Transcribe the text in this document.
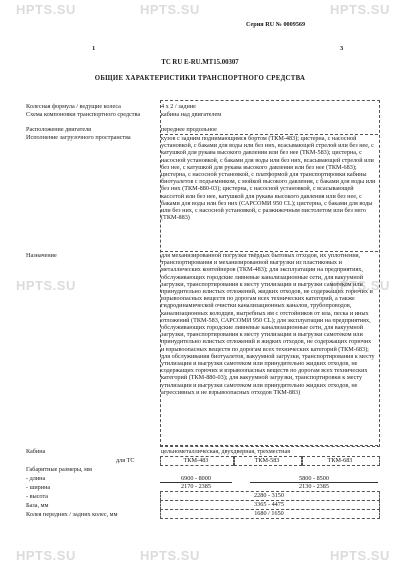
HPTS.SU	HPTS.SU	HPTS.SU
HPTS.SU	HPTS.SU
HPTS.SU	HPTS.SU	HPTS.SU
Серия RU № 0009569
1	3
TC RU E-RU.MT15.00307
ОБЩИЕ ХАРАКТЕРИСТИКИ ТРАНСПОРТНОГО СРЕДСТВА
Колесная формула / ведущие колеса	4 x 2 / задние
Схема компоновки транспортного средства	кабина над двигателем
Расположение двигателя	переднее продольное
Исполнение загрузочного пространства	кузов с задним поднимающимся бортом (ТКМ-483); цистерна, с насосной установкой, с баками для воды или без них, всасывающей стрелой или без нее, с катушкой для рукава высокого давления или без нее (ТКМ-583); цистерна, с насосной установкой, с баками для воды или без них, всасывающей стрелой или без нее, с катушкой для рукава высокого давления или без нее (ТКМ-683); цистерна, с насосной установкой, с платформой для транспортировки кабины биотуалетов с подъемником, с мойкой высокого давления, с баками для воды или без них (ТКМ-880-03); цистерна, с насосной установкой, с всасывающей кассетой или без нее, катушкой для рукава высокого давления или без нее, с баками для воды или без них (САРСОМИ 950 CL); цистерна, с баками для воды или без них, с насосной установкой, с разжижочным пистолетом или без него (ТКМ-883)
Назначение	для механизированной погрузки твёрдых бытовых отходов, их уплотнения, транспортирования и механизированной выгрузки из пластиковых и металлических контейнеров (ТКМ-483); для эксплуатации на предприятиях, обслуживающих городские ливневые канализационные сети, для вакуумной загрузки, транспортирования к месту утилизации и выгрузки самотеком или принудительно илистых отложений, жидких отходов, не содержащих горючих и взрывоопасных веществ по дорогам всех технических категорий, а также гидродинамической очистки канализационных каналов, трубопроводов, канализационных колодцев, выгребных ям с отстойников от ила, песка и иных отложений (ТКМ-583, САРСОМИ 950 CL); для эксплуатации на предприятиях, обслуживающих городские ливневые канализационные сети, для вакуумной загрузки, транспортирования к месту утилизации и выгрузки самотеком или принудительно илистых отложений и жидких отходов, не содержащих горючих и взрывоопасных веществ по дорогам всех технических категорий (ТКМ-683); для обслуживания биотуалетов, вакуумной загрузки, транспортирования к месту утилизации и выгрузки самотеком или принудительно жидких отходов, не содержащих горючих и взрывоопасных веществ по дорогам всех технических категорий (ТКМ-880-03); для вакуумной загрузки, транспортировки к месту утилизации и выгрузки самотеком или принудительно жидких отходов, не агрессивных и не взрывоопасных отходов ТКМ-883)
Кабина	цельнометаллическая, двухдверная, трехместная
Габаритные размеры, мм
для ТС	ТКМ-483	ТКМ-583	ТКМ-683
- длина	6900 - 8000	5800 - 8500
- ширина	2170 - 2385	2130 - 2385
- высота	2280 - 3150
База, мм	3365 - 4475
Колея передних / задних колес, мм	1680 / 1650
